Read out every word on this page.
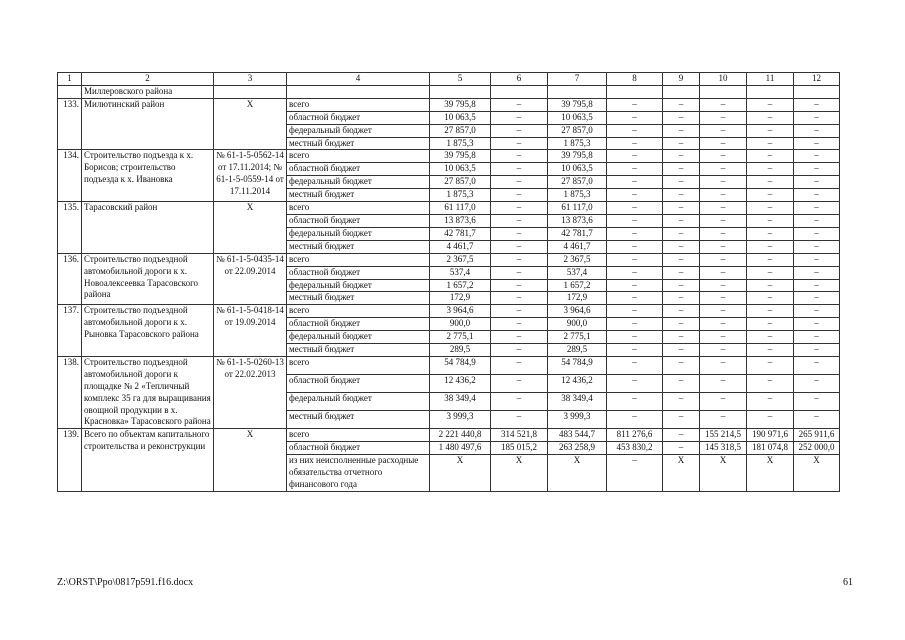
1	2	3	4	5	6	7	8	9	10	11	12
	Миллеровского района										
133.	Милютинский район	X	всего	39 795,8	–	39 795,8	–	–	–	–	–
			областной бюджет	10 063,5	–	10 063,5	–	–	–	–	–
			федеральный бюджет	27 857,0	–	27 857,0	–	–	–	–	–
			местный бюджет	1 875,3	–	1 875,3	–	–	–	–	–
134.	Строительство подъезда к х. Борисов; строительство подъезда к х. Ивановка	№ 61-1-5-0562-14 от 17.11.2014; № 61-1-5-0559-14 от 17.11.2014	всего	39 795,8	–	39 795,8	–	–	–	–	–
			областной бюджет	10 063,5	–	10 063,5	–	–	–	–	–
			федеральный бюджет	27 857,0	–	27 857,0	–	–	–	–	–
			местный бюджет	1 875,3	–	1 875,3	–	–	–	–	–
135.	Тарасовский район	X	всего	61 117,0	–	61 117,0	–	–	–	–	–
			областной бюджет	13 873,6	–	13 873,6	–	–	–	–	–
			федеральный бюджет	42 781,7	–	42 781,7	–	–	–	–	–
			местный бюджет	4 461,7	–	4 461,7	–	–	–	–	–
136.	Строительство подъездной автомобильной дороги к х. Новоалексеевка Тарасовского района	№ 61-1-5-0435-14 от 22.09.2014	всего	2 367,5	–	2 367,5	–	–	–	–	–
			областной бюджет	537,4	–	537,4	–	–	–	–	–
			федеральный бюджет	1 657,2	–	1 657,2	–	–	–	–	–
			местный бюджет	172,9	–	172,9	–	–	–	–	–
137.	Строительство подъездной автомобильной дороги к х. Рыновка Тарасовского района	№ 61-1-5-0418-14 от 19.09.2014	всего	3 964,6	–	3 964,6	–	–	–	–	–
			областной бюджет	900,0	–	900,0	–	–	–	–	–
			федеральный бюджет	2 775,1	–	2 775,1	–	–	–	–	–
			местный бюджет	289,5	–	289,5	–	–	–	–	–
138.	Строительство подъездной автомобильной дороги к площадке № 2 «Тепличный комплекс 35 га для выращивания овощной продукции в х. Красновка» Тарасовского района	№ 61-1-5-0260-13 от 22.02.2013	всего	54 784,9	–	54 784,9	–	–	–	–	–
			областной бюджет	12 436,2	–	12 436,2	–	–	–	–	–
			федеральный бюджет	38 349,4	–	38 349,4	–	–	–	–	–
			местный бюджет	3 999,3	–	3 999,3	–	–	–	–	–
139.	Всего по объектам капитального строительства и реконструкции	X	всего	2 221 440,8	314 521,8	483 544,7	811 276,6	–	155 214,5	190 971,6	265 911,6
			областной бюджет	1 480 497,6	185 015,2	263 258,9	453 830,2	–	145 318,5	181 074,8	252 000,0
			из них неисполненные расходные обязательства отчетного финансового года	X	X	X	–	X	X	X	X
Z:\ORST\Ppo\0817p591.f16.docx	61
